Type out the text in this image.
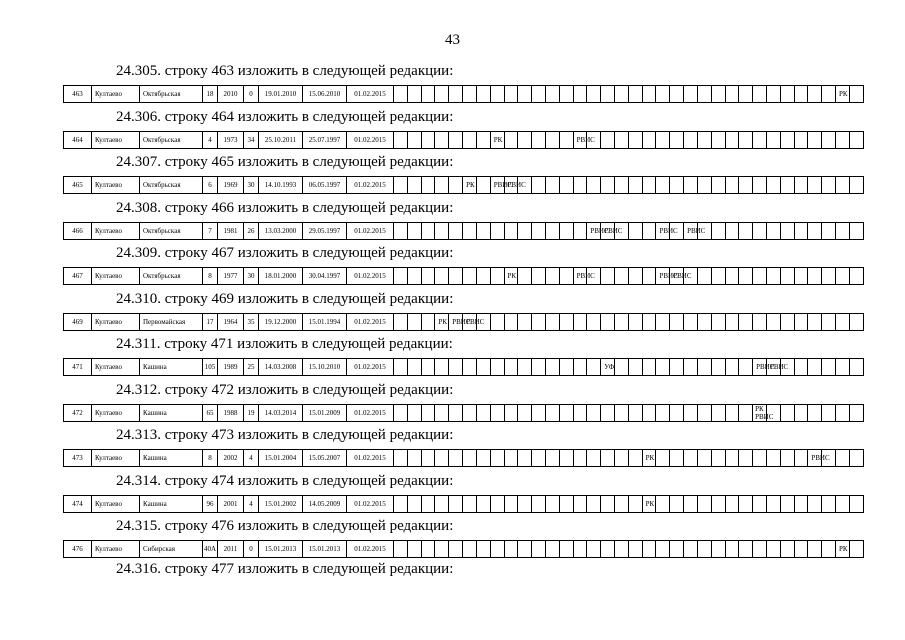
43
24.305. строку 463 изложить в следующей редакции:
463	Култаево	Октябрьская	18	2010	0	19.01.2010	15.06.2010	01.02.2015																																	РК	
24.306. строку 464 изложить в следующей редакции:
464	Култаево	Октябрьская	4	1973	34	25.10.2011	25.07.1997	01.02.2015								РК						РВИС																				
24.307. строку 465 изложить в следующей редакции:
465	Култаево	Октябрьская	6	1969	30	14.10.1993	06.05.1997	01.02.2015						РК		РВИС	РВИС																									
24.308. строку 466 изложить в следующей редакции:
466	Култаево	Октябрьская	7	1981	26	13.03.2000	29.05.1997	01.02.2015															РВИС	РВИС				РВИС		РВИС												
24.309. строку 467 изложить в следующей редакции:
467	Култаево	Октябрьская	8	1977	30	18.01.2000	30.04.1997	01.02.2015									РК					РВИС						РВИС	РВИС													
24.310. строку 469 изложить в следующей редакции:
469	Култаево	Первомайская	17	1964	35	19.12.2000	15.01.1994	01.02.2015				РК	РВИС	РВИС																												
24.311. строку 471 изложить в следующей редакции:
471	Култаево	Кашина	105	1989	25	14.03.2008	15.10.2010	01.02.2015																УФ											РВИС	РВИС						
24.312. строку 472 изложить в следующей редакции:
472	Култаево	Кашина	65	1988	19	14.03.2014	15.01.2009	01.02.2015																											РК РВИС							
24.313. строку 473 изложить в следующей редакции:
473	Култаево	Кашина	8	2002	4	15.01.2004	15.05.2007	01.02.2015																			РК												РВИС			
24.314. строку 474 изложить в следующей редакции:
474	Култаево	Кашина	96	2001	4	15.01.2002	14.05.2009	01.02.2015																			РК															
24.315. строку 476 изложить в следующей редакции:
476	Култаево	Сибирская	40А	2011	0	15.01.2013	15.01.2013	01.02.2015																																	РК	
24.316. строку 477 изложить в следующей редакции:
